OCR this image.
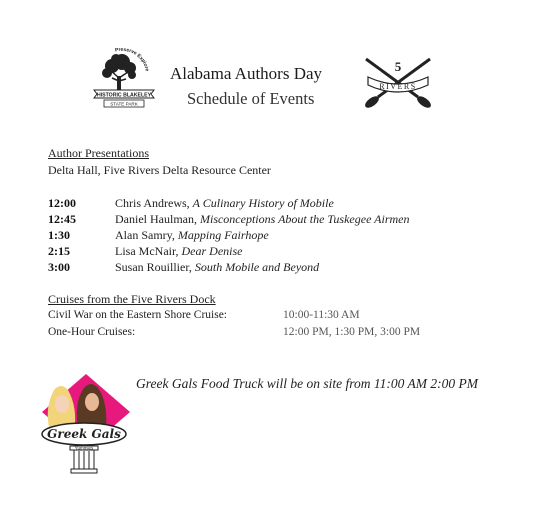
Preserve Explore
HISTORIC BLAKELEY
STATE PARK
Alabama Authors Day
Schedule of Events
RIVERS
5
Author Presentations
Delta Hall, Five Rivers Delta Resource Center
12:00	Chris Andrews, A Culinary History of Mobile
12:45	Daniel Haulman, Misconceptions About the Tuskegee Airmen
1:30	Alan Samry, Mapping Fairhope
2:15	Lisa McNair, Dear Denise
3:00	Susan Rouillier, South Mobile and Beyond
Cruises from the Five Rivers Dock
Civil War on the Eastern Shore Cruise:	10:00-11:30 AM
One-Hour Cruises:	12:00 PM, 1:30 PM, 3:00 PM
Greek Gals
Yummies
Greek Gals Food Truck will be on site from 11:00 AM 2:00 PM
